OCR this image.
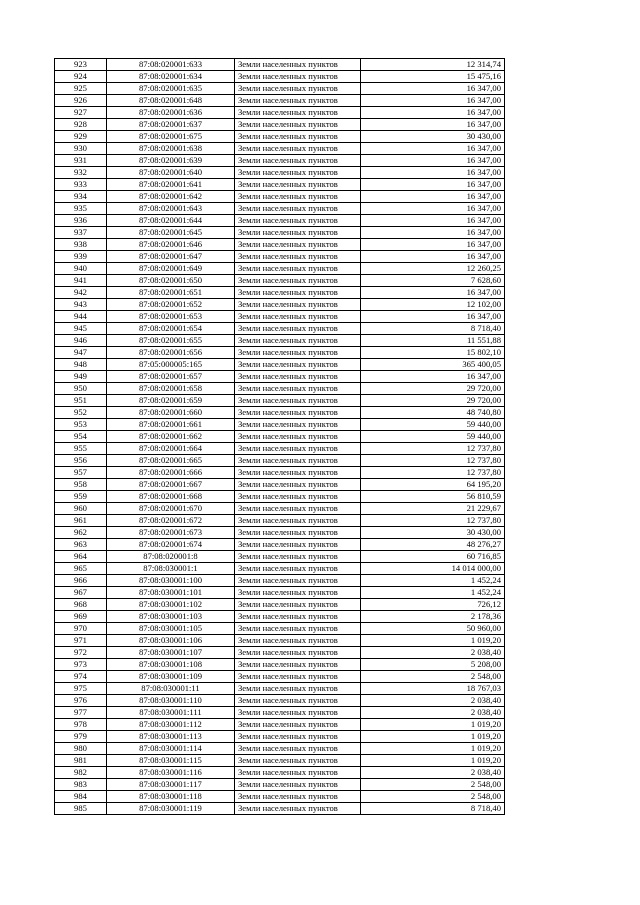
923	87:08:020001:633	Земли населенных пунктов	12 314,74
924	87:08:020001:634	Земли населенных пунктов	15 475,16
925	87:08:020001:635	Земли населенных пунктов	16 347,00
926	87:08:020001:648	Земли населенных пунктов	16 347,00
927	87:08:020001:636	Земли населенных пунктов	16 347,00
928	87:08:020001:637	Земли населенных пунктов	16 347,00
929	87:08:020001:675	Земли населенных пунктов	30 430,00
930	87:08:020001:638	Земли населенных пунктов	16 347,00
931	87:08:020001:639	Земли населенных пунктов	16 347,00
932	87:08:020001:640	Земли населенных пунктов	16 347,00
933	87:08:020001:641	Земли населенных пунктов	16 347,00
934	87:08:020001:642	Земли населенных пунктов	16 347,00
935	87:08:020001:643	Земли населенных пунктов	16 347,00
936	87:08:020001:644	Земли населенных пунктов	16 347,00
937	87:08:020001:645	Земли населенных пунктов	16 347,00
938	87:08:020001:646	Земли населенных пунктов	16 347,00
939	87:08:020001:647	Земли населенных пунктов	16 347,00
940	87:08:020001:649	Земли населенных пунктов	12 260,25
941	87:08:020001:650	Земли населенных пунктов	7 628,60
942	87:08:020001:651	Земли населенных пунктов	16 347,00
943	87:08:020001:652	Земли населенных пунктов	12 102,00
944	87:08:020001:653	Земли населенных пунктов	16 347,00
945	87:08:020001:654	Земли населенных пунктов	8 718,40
946	87:08:020001:655	Земли населенных пунктов	11 551,88
947	87:08:020001:656	Земли населенных пунктов	15 802,10
948	87:05:000005:165	Земли населенных пунктов	365 400,05
949	87:08:020001:657	Земли населенных пунктов	16 347,00
950	87:08:020001:658	Земли населенных пунктов	29 720,00
951	87:08:020001:659	Земли населенных пунктов	29 720,00
952	87:08:020001:660	Земли населенных пунктов	48 740,80
953	87:08:020001:661	Земли населенных пунктов	59 440,00
954	87:08:020001:662	Земли населенных пунктов	59 440,00
955	87:08:020001:664	Земли населенных пунктов	12 737,80
956	87:08:020001:665	Земли населенных пунктов	12 737,80
957	87:08:020001:666	Земли населенных пунктов	12 737,80
958	87:08:020001:667	Земли населенных пунктов	64 195,20
959	87:08:020001:668	Земли населенных пунктов	56 810,59
960	87:08:020001:670	Земли населенных пунктов	21 229,67
961	87:08:020001:672	Земли населенных пунктов	12 737,80
962	87:08:020001:673	Земли населенных пунктов	30 430,00
963	87:08:020001:674	Земли населенных пунктов	48 276,27
964	87:08:020001:8	Земли населенных пунктов	60 716,85
965	87:08:030001:1	Земли населенных пунктов	14 014 000,00
966	87:08:030001:100	Земли населенных пунктов	1 452,24
967	87:08:030001:101	Земли населенных пунктов	1 452,24
968	87:08:030001:102	Земли населенных пунктов	726,12
969	87:08:030001:103	Земли населенных пунктов	2 178,36
970	87:08:030001:105	Земли населенных пунктов	50 960,00
971	87:08:030001:106	Земли населенных пунктов	1 019,20
972	87:08:030001:107	Земли населенных пунктов	2 038,40
973	87:08:030001:108	Земли населенных пунктов	5 208,00
974	87:08:030001:109	Земли населенных пунктов	2 548,00
975	87:08:030001:11	Земли населенных пунктов	18 767,03
976	87:08:030001:110	Земли населенных пунктов	2 038,40
977	87:08:030001:111	Земли населенных пунктов	2 038,40
978	87:08:030001:112	Земли населенных пунктов	1 019,20
979	87:08:030001:113	Земли населенных пунктов	1 019,20
980	87:08:030001:114	Земли населенных пунктов	1 019,20
981	87:08:030001:115	Земли населенных пунктов	1 019,20
982	87:08:030001:116	Земли населенных пунктов	2 038,40
983	87:08:030001:117	Земли населенных пунктов	2 548,00
984	87:08:030001:118	Земли населенных пунктов	2 548,00
985	87:08:030001:119	Земли населенных пунктов	8 718,40
